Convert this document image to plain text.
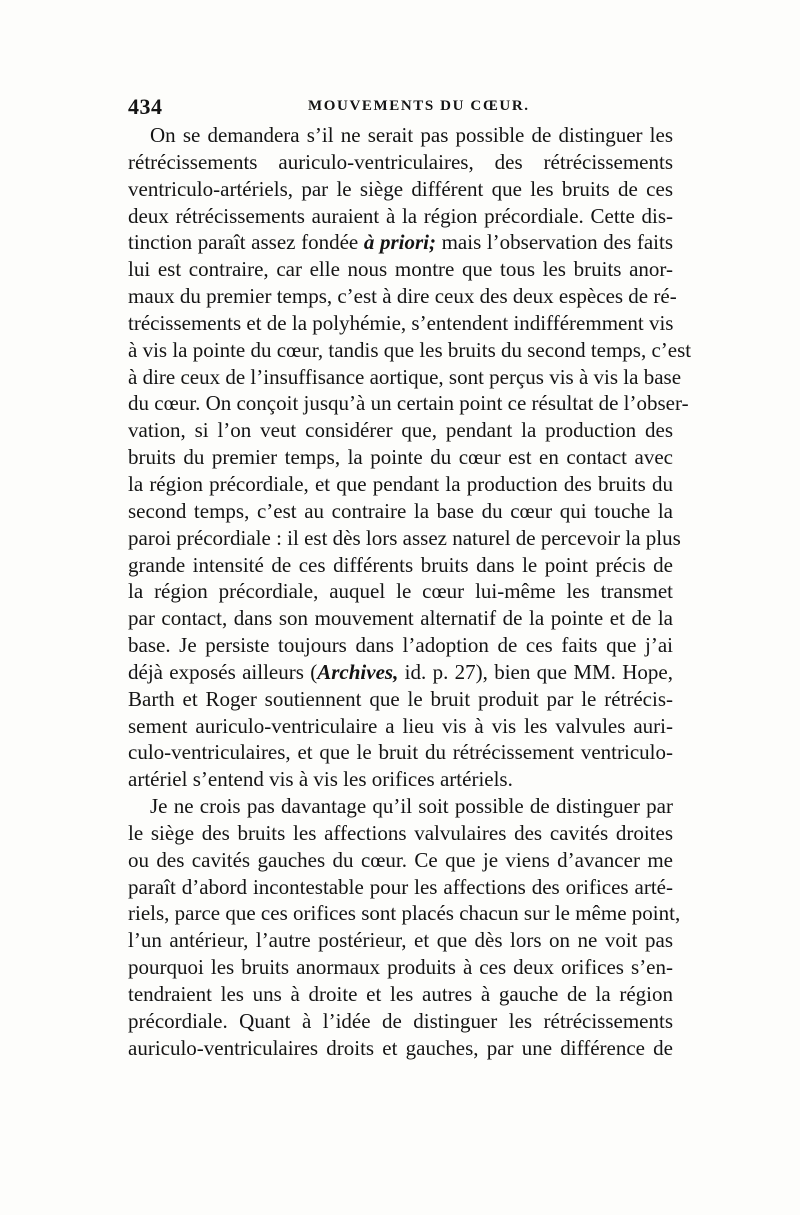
434	MOUVEMENTS DU CŒUR.
On se demandera s’il ne serait pas possible de distinguer les
rétrécissements auriculo-ventriculaires, des rétrécissements
ventriculo-artériels, par le siège différent que les bruits de ces
deux rétrécissements auraient à la région précordiale. Cette dis-
tinction paraît assez fondée à priori; mais l’observation des faits
lui est contraire, car elle nous montre que tous les bruits anor-
maux du premier temps, c’est à dire ceux des deux espèces de ré-
trécissements et de la polyhémie, s’entendent indifféremment vis
à vis la pointe du cœur, tandis que les bruits du second temps, c’est
à dire ceux de l’insuffisance aortique, sont perçus vis à vis la base
du cœur. On conçoit jusqu’à un certain point ce résultat de l’obser-
vation, si l’on veut considérer que, pendant la production des
bruits du premier temps, la pointe du cœur est en contact avec
la région précordiale, et que pendant la production des bruits du
second temps, c’est au contraire la base du cœur qui touche la
paroi précordiale : il est dès lors assez naturel de percevoir la plus
grande intensité de ces différents bruits dans le point précis de
la région précordiale, auquel le cœur lui-même les transmet
par contact, dans son mouvement alternatif de la pointe et de la
base. Je persiste toujours dans l’adoption de ces faits que j’ai
déjà exposés ailleurs (Archives, id. p. 27), bien que MM. Hope,
Barth et Roger soutiennent que le bruit produit par le rétrécis-
sement auriculo-ventriculaire a lieu vis à vis les valvules auri-
culo-ventriculaires, et que le bruit du rétrécissement ventriculo-
artériel s’entend vis à vis les orifices artériels.
Je ne crois pas davantage qu’il soit possible de distinguer par
le siège des bruits les affections valvulaires des cavités droites
ou des cavités gauches du cœur. Ce que je viens d’avancer me
paraît d’abord incontestable pour les affections des orifices arté-
riels, parce que ces orifices sont placés chacun sur le même point,
l’un antérieur, l’autre postérieur, et que dès lors on ne voit pas
pourquoi les bruits anormaux produits à ces deux orifices s’en-
tendraient les uns à droite et les autres à gauche de la région
précordiale. Quant à l’idée de distinguer les rétrécissements
auriculo-ventriculaires droits et gauches, par une différence de
